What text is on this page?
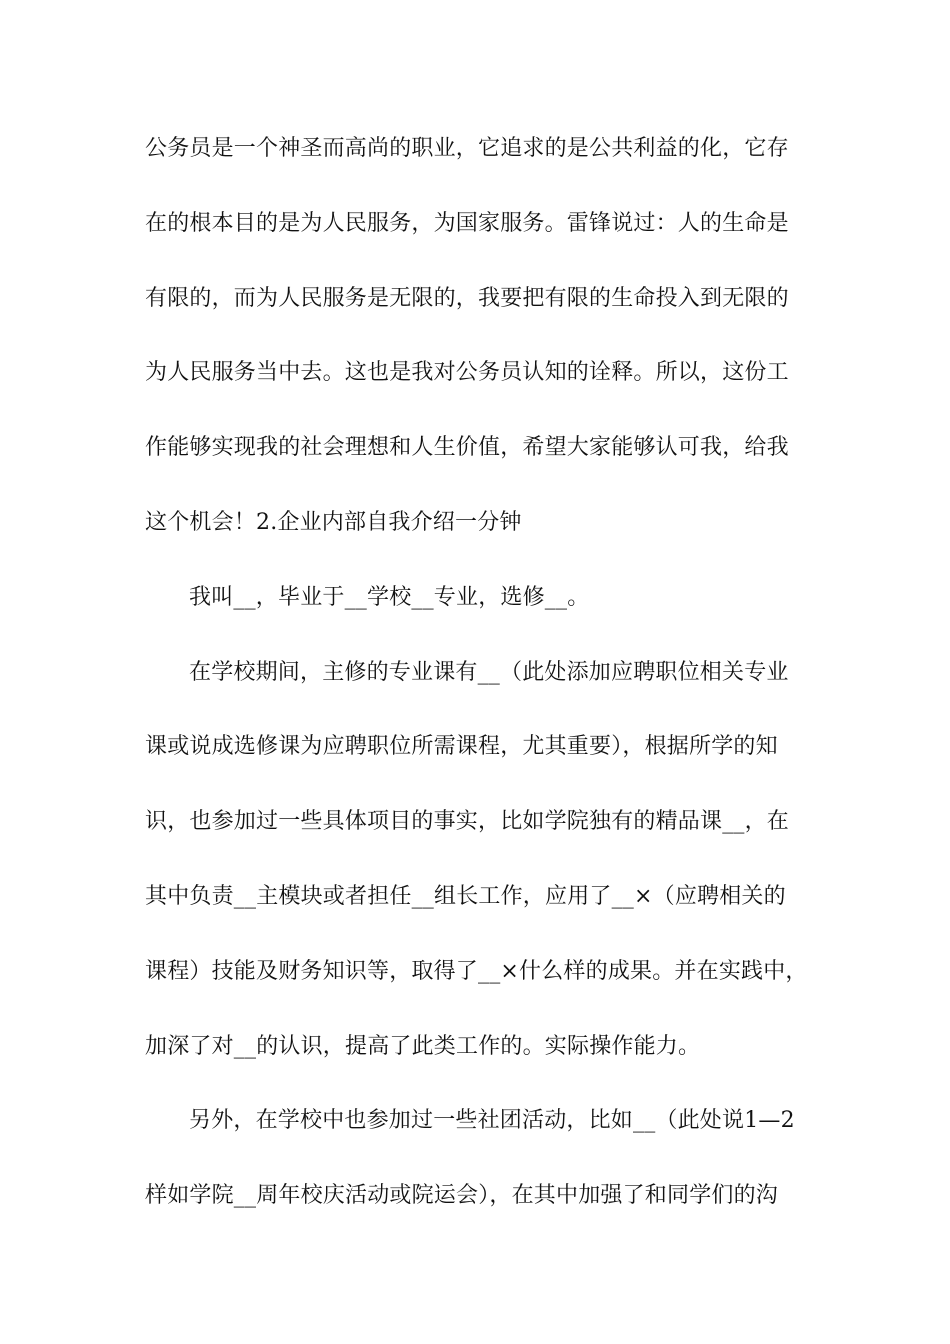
公务员是一个神圣而高尚的职业，它追求的是公共利益的化，它存
在的根本目的是为人民服务，为国家服务。雷锋说过：人的生命是
有限的，而为人民服务是无限的，我要把有限的生命投入到无限的
为人民服务当中去。这也是我对公务员认知的诠释。所以，这份工
作能够实现我的社会理想和人生价值，希望大家能够认可我，给我
这个机会！2.企业内部自我介绍一分钟
我叫__，毕业于__学校__专业，选修__。
在学校期间，主修的专业课有__（此处添加应聘职位相关专业
课或说成选修课为应聘职位所需课程，尤其重要），根据所学的知
识，也参加过一些具体项目的事实，比如学院独有的精品课__，在
其中负责__主模块或者担任__组长工作，应用了__×（应聘相关的
课程）技能及财务知识等，取得了__×什么样的成果。并在实践中，
加深了对__的认识，提高了此类工作的。实际操作能力。
另外，在学校中也参加过一些社团活动，比如__（此处说1—2
样如学院__周年校庆活动或院运会），在其中加强了和同学们的沟
